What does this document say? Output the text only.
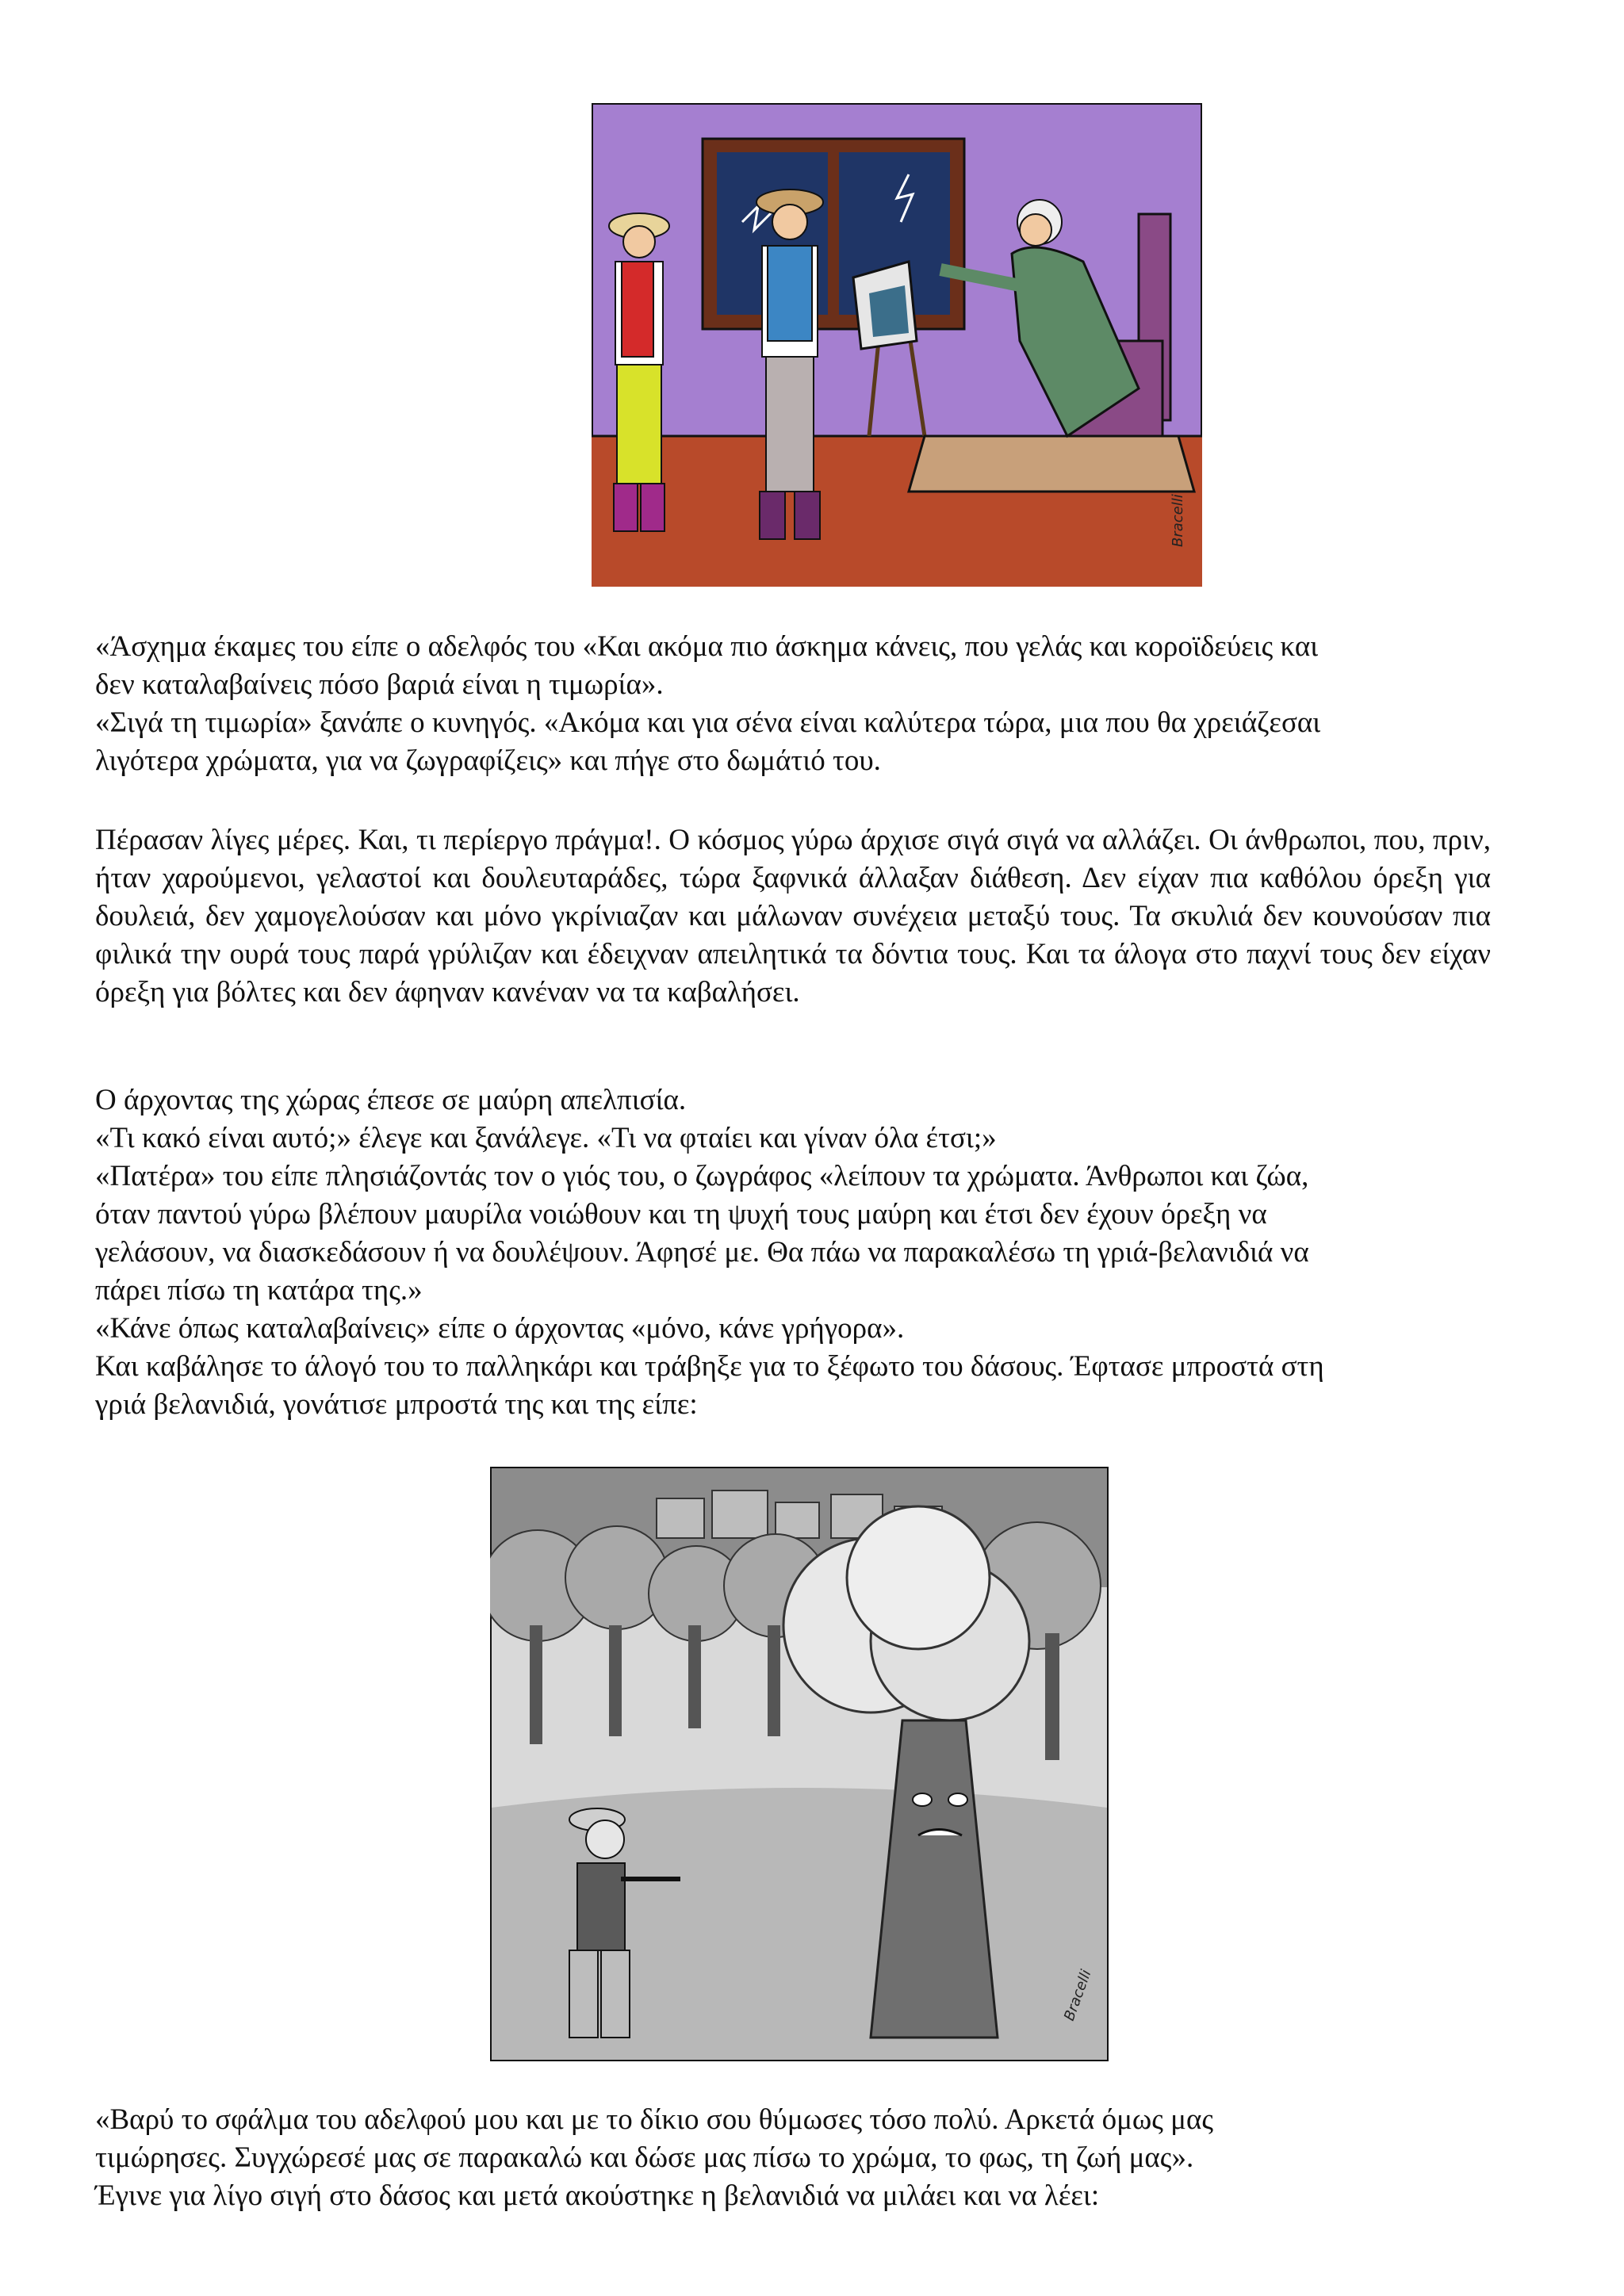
Bracelli

«Άσχημα έκαμες του είπε ο αδελφός του «Και ακόμα πιο άσκημα κάνεις, που γελάς και κοροϊδεύεις και

δεν καταλαβαίνεις πόσο βαριά είναι η τιμωρία».

«Σιγά τη τιμωρία» ξανάπε ο κυνηγός. «Ακόμα και για σένα είναι καλύτερα τώρα, μια που θα χρειάζεσαι

λιγότερα χρώματα, για να ζωγραφίζεις» και πήγε στο δωμάτιό του.

Πέρασαν λίγες μέρες. Και, τι περίεργο πράγμα!. Ο κόσμος γύρω άρχισε σιγά σιγά να αλλάζει. Οι άνθρωποι, που, πριν, ήταν χαρούμενοι, γελαστοί και δουλευταράδες, τώρα ξαφνικά άλλαξαν διάθεση. Δεν είχαν πια καθόλου όρεξη για δουλειά, δεν χαμογελούσαν και μόνο γκρίνιαζαν και μάλωναν συνέχεια μεταξύ τους. Τα σκυλιά δεν κουνούσαν πια φιλικά την ουρά τους παρά γρύλιζαν και έδειχναν απειλητικά τα δόντια τους. Και τα άλογα στο παχνί τους δεν είχαν όρεξη για βόλτες και δεν άφηναν κανέναν να τα καβαλήσει.

Ο άρχοντας της χώρας έπεσε σε μαύρη απελπισία.

«Τι κακό είναι αυτό;» έλεγε και ξανάλεγε. «Τι να φταίει και γίναν όλα έτσι;»

«Πατέρα» του είπε πλησιάζοντάς τον ο γιός του, ο ζωγράφος «λείπουν τα χρώματα. Άνθρωποι και ζώα,

όταν παντού γύρω βλέπουν μαυρίλα νοιώθουν και τη ψυχή τους μαύρη και έτσι δεν έχουν όρεξη να

γελάσουν, να διασκεδάσουν ή να δουλέψουν. Άφησέ με. Θα πάω να παρακαλέσω τη γριά-βελανιδιά να

πάρει πίσω τη κατάρα της.»

«Κάνε όπως καταλαβαίνεις» είπε ο άρχοντας «μόνο, κάνε γρήγορα».

Και καβάλησε το άλογό του το παλληκάρι και τράβηξε για το ξέφωτο του δάσους. Έφτασε μπροστά στη

γριά βελανιδιά, γονάτισε μπροστά της και της είπε:

Bracelli

«Βαρύ το σφάλμα του αδελφού μου και με το δίκιο σου θύμωσες τόσο πολύ. Αρκετά όμως μας

τιμώρησες. Συγχώρεσέ μας σε παρακαλώ και δώσε μας πίσω το χρώμα, το φως, τη ζωή μας».

Έγινε για λίγο σιγή στο δάσος και μετά ακούστηκε η βελανιδιά να μιλάει και να λέει:
